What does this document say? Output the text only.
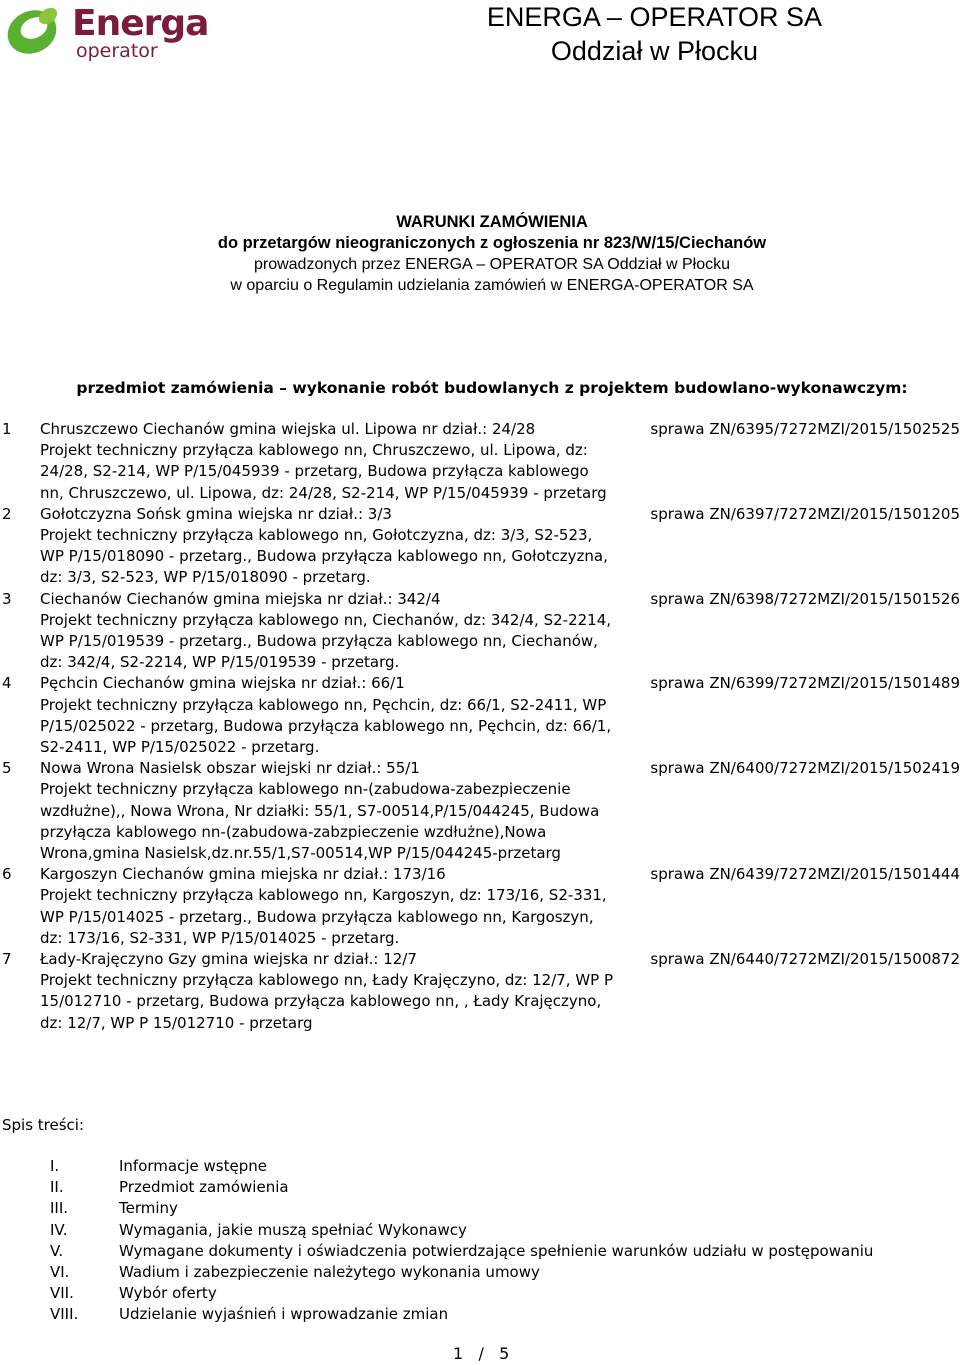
Energa
operator
ENERGA – OPERATOR SA
Oddział w Płocku
WARUNKI ZAMÓWIENIA
do przetargów nieograniczonych z ogłoszenia nr 823/W/15/Ciechanów
prowadzonych przez ENERGA – OPERATOR SA Oddział w Płocku
w oparciu o Regulamin udzielania zamówień w ENERGA-OPERATOR SA
przedmiot zamówienia – wykonanie robót budowlanych z projektem budowlano-wykonawczym:
1 Chruszczewo Ciechanów gmina wiejska ul. Lipowa nr dział.: 24/28
Projekt techniczny przyłącza kablowego nn, Chruszczewo, ul. Lipowa, dz:
24/28, S2-214, WP P/15/045939 - przetarg, Budowa przyłącza kablowego
nn, Chruszczewo, ul. Lipowa, dz: 24/28, S2-214, WP P/15/045939 - przetarg
sprawa ZN/6395/7272MZI/2015/1502525
2 Gołotczyzna Sońsk gmina wiejska nr dział.: 3/3
Projekt techniczny przyłącza kablowego nn, Gołotczyzna, dz: 3/3, S2-523,
WP P/15/018090 - przetarg., Budowa przyłącza kablowego nn, Gołotczyzna,
dz: 3/3, S2-523, WP P/15/018090 - przetarg.
sprawa ZN/6397/7272MZI/2015/1501205
3 Ciechanów Ciechanów gmina miejska nr dział.: 342/4
Projekt techniczny przyłącza kablowego nn, Ciechanów, dz: 342/4, S2-2214,
WP P/15/019539 - przetarg., Budowa przyłącza kablowego nn, Ciechanów,
dz: 342/4, S2-2214, WP P/15/019539 - przetarg.
sprawa ZN/6398/7272MZI/2015/1501526
4 Pęchcin Ciechanów gmina wiejska nr dział.: 66/1
Projekt techniczny przyłącza kablowego nn, Pęchcin, dz: 66/1, S2-2411, WP
P/15/025022 - przetarg, Budowa przyłącza kablowego nn, Pęchcin, dz: 66/1,
S2-2411, WP P/15/025022 - przetarg.
sprawa ZN/6399/7272MZI/2015/1501489
5 Nowa Wrona Nasielsk obszar wiejski nr dział.: 55/1
Projekt techniczny przyłącza kablowego nn-(zabudowa-zabezpieczenie
wzdłużne),, Nowa Wrona, Nr działki: 55/1, S7-00514,P/15/044245, Budowa
przyłącza kablowego nn-(zabudowa-zabzpieczenie wzdłużne),Nowa
Wrona,gmina Nasielsk,dz.nr.55/1,S7-00514,WP P/15/044245-przetarg
sprawa ZN/6400/7272MZI/2015/1502419
6 Kargoszyn Ciechanów gmina miejska nr dział.: 173/16
Projekt techniczny przyłącza kablowego nn, Kargoszyn, dz: 173/16, S2-331,
WP P/15/014025 - przetarg., Budowa przyłącza kablowego nn, Kargoszyn,
dz: 173/16, S2-331, WP P/15/014025 - przetarg.
sprawa ZN/6439/7272MZI/2015/1501444
7 Łady-Krajęczyno Gzy gmina wiejska nr dział.: 12/7
Projekt techniczny przyłącza kablowego nn, Łady Krajęczyno, dz: 12/7, WP P
15/012710 - przetarg, Budowa przyłącza kablowego nn, , Łady Krajęczyno,
dz: 12/7, WP P 15/012710 - przetarg
sprawa ZN/6440/7272MZI/2015/1500872
Spis treści:
I.	Informacje wstępne
II.	Przedmiot zamówienia
III.	Terminy
IV.	Wymagania, jakie muszą spełniać Wykonawcy
V.	Wymagane dokumenty i oświadczenia potwierdzające spełnienie warunków udziału w postępowaniu
VI.	Wadium i zabezpieczenie należytego wykonania umowy
VII.	Wybór oferty
VIII.	Udzielanie wyjaśnień i wprowadzanie zmian
1 / 5
